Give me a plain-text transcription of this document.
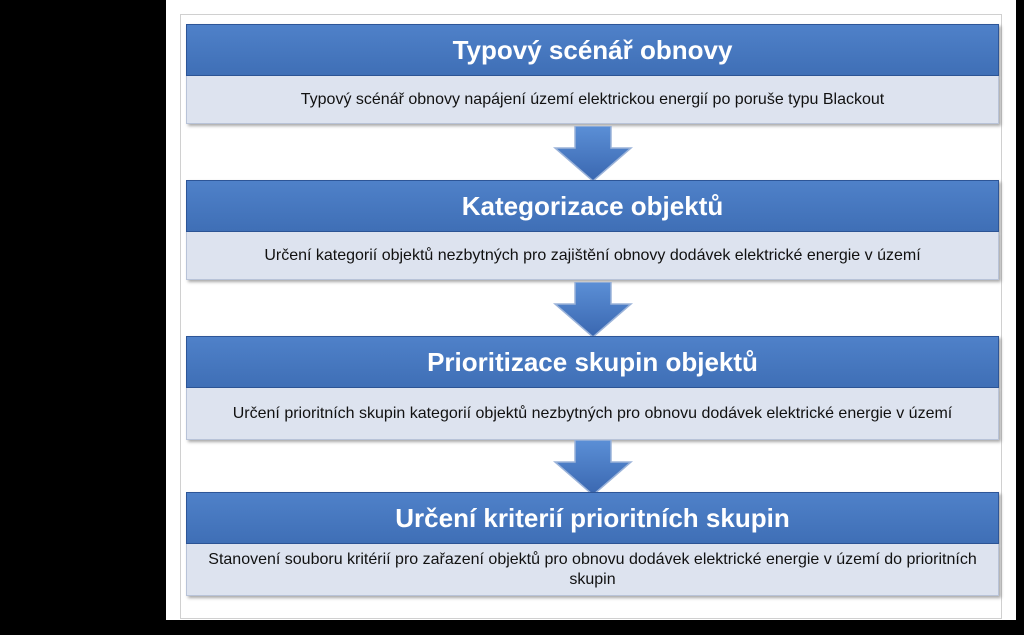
Typový scénář obnovy
Typový scénář obnovy napájení území elektrickou energií po poruše typu Blackout
Kategorizace objektů
Určení kategorií objektů nezbytných pro zajištění obnovy dodávek elektrické energie v území
Prioritizace skupin objektů
Určení prioritních skupin kategorií objektů nezbytných pro obnovu dodávek elektrické energie v území
Určení kriterií prioritních skupin
Stanovení souboru kritérií pro zařazení objektů pro obnovu dodávek elektrické energie v území do prioritních skupin
